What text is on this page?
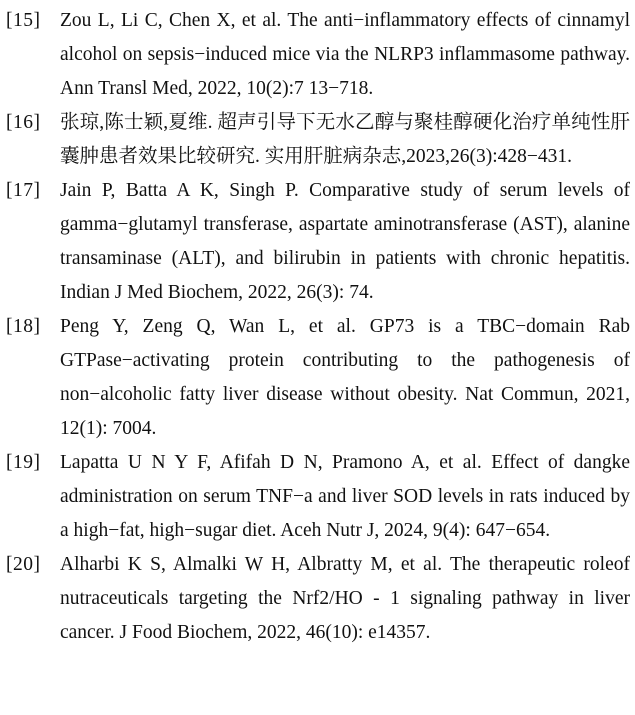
[15]	Zou L, Li C, Chen X, et al. The anti−inflammatory effects of cinnamyl alcohol on sepsis−induced mice via the NLRP3 inflammasome pathway. Ann Transl Med, 2022, 10(2):7 13−718.
[16]	张琼,陈士颖,夏维. 超声引导下无水乙醇与聚桂醇硬化治疗单纯性肝囊肿患者效果比较研究. 实用肝脏病杂志,2023,26(3):428−431.
[17]	Jain P, Batta A K, Singh P. Comparative study of serum levels of gamma−glutamyl transferase, aspartate aminotransferase (AST), alanine transaminase (ALT), and bilirubin in patients with chronic hepatitis. Indian J Med Biochem, 2022, 26(3): 74.
[18]	Peng Y, Zeng Q, Wan L, et al. GP73 is a TBC−domain Rab GTPase−activating protein contributing to the pathogenesis of non−alcoholic fatty liver disease without obesity. Nat Commun, 2021, 12(1): 7004.
[19]	Lapatta U N Y F, Afifah D N, Pramono A, et al. Effect of dangke administration on serum TNF−a and liver SOD levels in rats induced by a high−fat, high−sugar diet. Aceh Nutr J, 2024, 9(4): 647−654.
[20]	Alharbi K S, Almalki W H, Albratty M, et al. The therapeutic roleof nutraceuticals targeting the Nrf2/HO - 1 signaling pathway in liver cancer. J Food Biochem, 2022, 46(10): e14357.
